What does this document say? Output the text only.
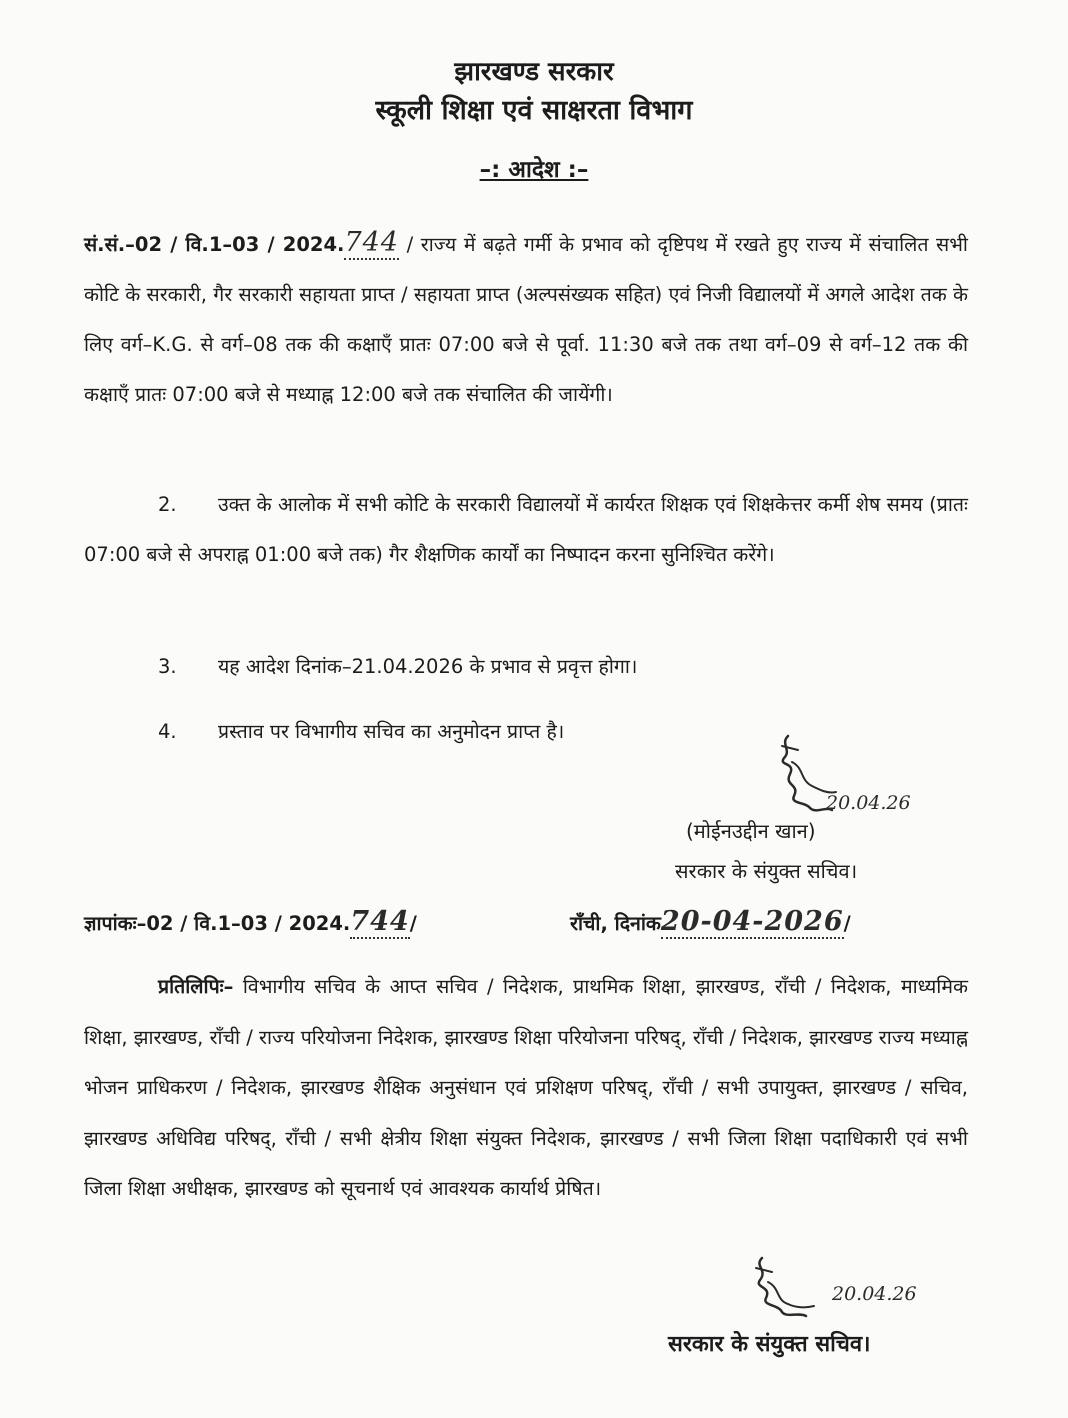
झारखण्ड सरकार
स्कूली शिक्षा एवं साक्षरता विभाग
–: आदेश :–

सं.सं.–02 / वि.1–03 / 2024.744 / राज्य में बढ़ते गर्मी के प्रभाव को दृष्टिपथ में रखते हुए राज्य में संचालित सभी कोटि के सरकारी, गैर सरकारी सहायता प्राप्त / सहायता प्राप्त (अल्पसंख्यक सहित) एवं निजी विद्यालयों में अगले आदेश तक के लिए वर्ग–K.G. से वर्ग–08 तक की कक्षाएँ प्रातः 07:00 बजे से पूर्वा. 11:30 बजे तक तथा वर्ग–09 से वर्ग–12 तक की कक्षाएँ प्रातः 07:00 बजे से मध्याह्न 12:00 बजे तक संचालित की जायेंगी।

2. उक्त के आलोक में सभी कोटि के सरकारी विद्यालयों में कार्यरत शिक्षक एवं शिक्षकेत्तर कर्मी शेष समय (प्रातः 07:00 बजे से अपराह्न 01:00 बजे तक) गैर शैक्षणिक कार्यों का निष्पादन करना सुनिश्चित करेंगे।

3. यह आदेश दिनांक–21.04.2026 के प्रभाव से प्रवृत्त होगा।

4. प्रस्ताव पर विभागीय सचिव का अनुमोदन प्राप्त है।

20.04.26
(मोईनउद्दीन खान)
सरकार के संयुक्त सचिव।
ज्ञापांकः–02 / वि.1–03 / 2024.744/	राँची, दिनांक20-04-2026/

प्रतिलिपिः– विभागीय सचिव के आप्त सचिव / निदेशक, प्राथमिक शिक्षा, झारखण्ड, राँची / निदेशक, माध्यमिक शिक्षा, झारखण्ड, राँची / राज्य परियोजना निदेशक, झारखण्ड शिक्षा परियोजना परिषद्, राँची / निदेशक, झारखण्ड राज्य मध्याह्न भोजन प्राधिकरण / निदेशक, झारखण्ड शैक्षिक अनुसंधान एवं प्रशिक्षण परिषद्, राँची / सभी उपायुक्त, झारखण्ड / सचिव, झारखण्ड अधिविद्य परिषद्, राँची / सभी क्षेत्रीय शिक्षा संयुक्त निदेशक, झारखण्ड / सभी जिला शिक्षा पदाधिकारी एवं सभी जिला शिक्षा अधीक्षक, झारखण्ड को सूचनार्थ एवं आवश्यक कार्यार्थ प्रेषित।

20.04.26
सरकार के संयुक्त सचिव।
